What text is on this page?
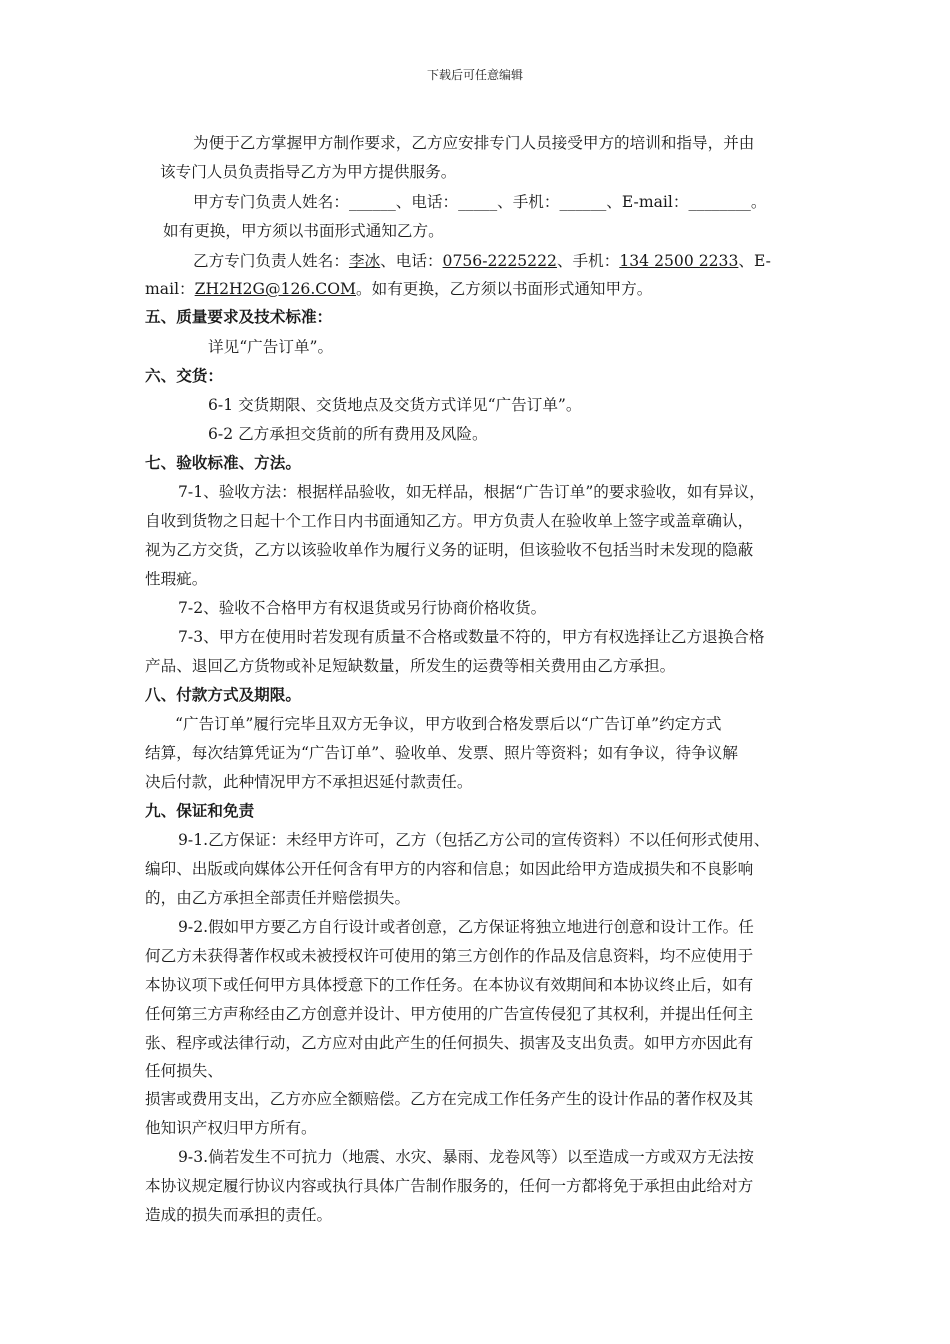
下载后可任意编辑
为便于乙方掌握甲方制作要求，乙方应安排专门人员接受甲方的培训和指导，并由
该专门人员负责指导乙方为甲方提供服务。
甲方专门负责人姓名：______、电话：_____、手机：______、E-mail：________。
如有更换，甲方须以书面形式通知乙方。
乙方专门负责人姓名：李冰、电话：0756-2225222、手机：134 2500 2233、E-
mail：ZH2H2G@126.COM。如有更换，乙方须以书面形式通知甲方。
五、质量要求及技术标准：
详见“广告订单”。
六、交货：
6-1 交货期限、交货地点及交货方式详见“广告订单”。
6-2 乙方承担交货前的所有费用及风险。
七、验收标准、方法。
7-1、验收方法：根据样品验收，如无样品，根据“广告订单”的要求验收，如有异议，
自收到货物之日起十个工作日内书面通知乙方。甲方负责人在验收单上签字或盖章确认，
视为乙方交货，乙方以该验收单作为履行义务的证明，但该验收不包括当时未发现的隐蔽
性瑕疵。
7-2、验收不合格甲方有权退货或另行协商价格收货。
7-3、甲方在使用时若发现有质量不合格或数量不符的，甲方有权选择让乙方退换合格
产品、退回乙方货物或补足短缺数量，所发生的运费等相关费用由乙方承担。
八、付款方式及期限。
“广告订单”履行完毕且双方无争议，甲方收到合格发票后以“广告订单”约定方式
结算，每次结算凭证为“广告订单”、验收单、发票、照片等资料；如有争议，待争议解
决后付款，此种情况甲方不承担迟延付款责任。
九、保证和免责
9-1.乙方保证：未经甲方许可，乙方（包括乙方公司的宣传资料）不以任何形式使用、
编印、出版或向媒体公开任何含有甲方的内容和信息；如因此给甲方造成损失和不良影响
的，由乙方承担全部责任并赔偿损失。
9-2.假如甲方要乙方自行设计或者创意，乙方保证将独立地进行创意和设计工作。任
何乙方未获得著作权或未被授权许可使用的第三方创作的作品及信息资料，均不应使用于
本协议项下或任何甲方具体授意下的工作任务。在本协议有效期间和本协议终止后，如有
任何第三方声称经由乙方创意并设计、甲方使用的广告宣传侵犯了其权利，并提出任何主
张、程序或法律行动，乙方应对由此产生的任何损失、损害及支出负责。如甲方亦因此有
任何损失、
损害或费用支出，乙方亦应全额赔偿。乙方在完成工作任务产生的设计作品的著作权及其
他知识产权归甲方所有。
9-3.倘若发生不可抗力（地震、水灾、暴雨、龙卷风等）以至造成一方或双方无法按
本协议规定履行协议内容或执行具体广告制作服务的，任何一方都将免于承担由此给对方
造成的损失而承担的责任。
